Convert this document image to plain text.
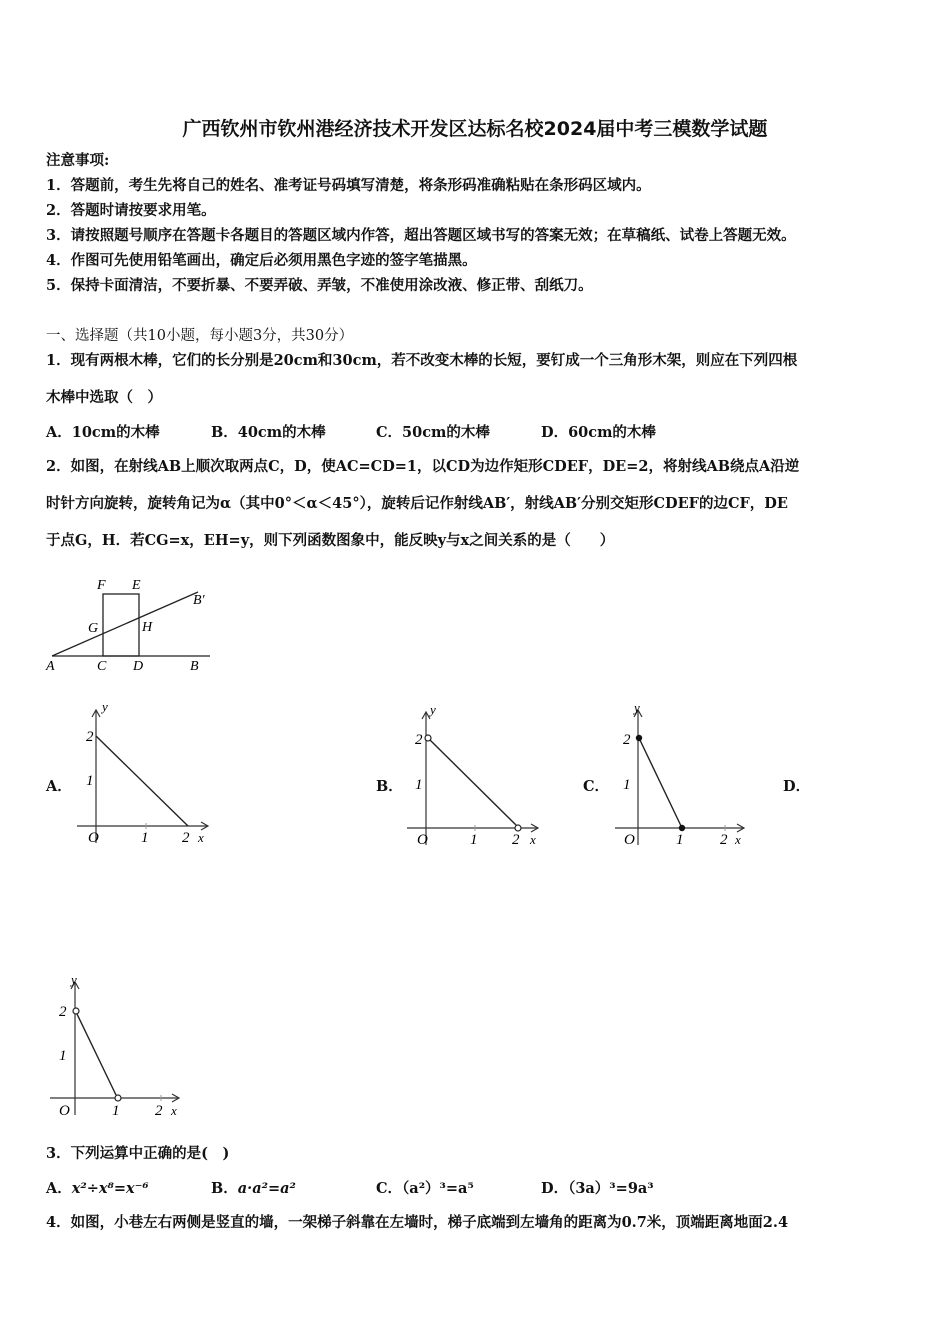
广西钦州市钦州港经济技术开发区达标名校2024届中考三模数学试题
注意事项:
1．答题前，考生先将自己的姓名、准考证号码填写清楚，将条形码准确粘贴在条形码区域内。
2．答题时请按要求用笔。
3．请按照题号顺序在答题卡各题目的答题区域内作答，超出答题区域书写的答案无效；在草稿纸、试卷上答题无效。
4．作图可先使用铅笔画出，确定后必须用黑色字迹的签字笔描黑。
5．保持卡面清洁，不要折暴、不要弄破、弄皱，不准使用涂改液、修正带、刮纸刀。
一、选择题（共10小题，每小题3分，共30分）
1．现有两根木棒，它们的长分别是20cm和30cm，若不改变木棒的长短，要钉成一个三角形木架，则应在下列四根
木棒中选取（　）
A．10cm的木棒	B．40cm的木棒	C．50cm的木棒	D．60cm的木棒
2．如图，在射线AB上顺次取两点C，D，使AC=CD=1，以CD为边作矩形CDEF，DE=2，将射线AB绕点A沿逆
时针方向旋转，旋转角记为α（其中0°＜α＜45°），旋转后记作射线AB′，射线AB′分别交矩形CDEF的边CF，DE
于点G，H．若CG=x，EH=y，则下列函数图象中，能反映y与x之间关系的是（　　）
A	C D	B
F E
G	H
B′
A．	B．	C．	D．
y
2
1
O	1 2 x
y
2
1
O	1 2 x
y
2
1
O	1 2 x
y
2
1
O	1 2 x
3．下列运算中正确的是(　)
A．x²÷x⁸=x⁻⁶	B．a·a²=a²	C．（a²）³=a⁵	D．（3a）³=9a³
4．如图，小巷左右两侧是竖直的墙，一架梯子斜靠在左墙时，梯子底端到左墙角的距离为0.7米，顶端距离地面2.4
